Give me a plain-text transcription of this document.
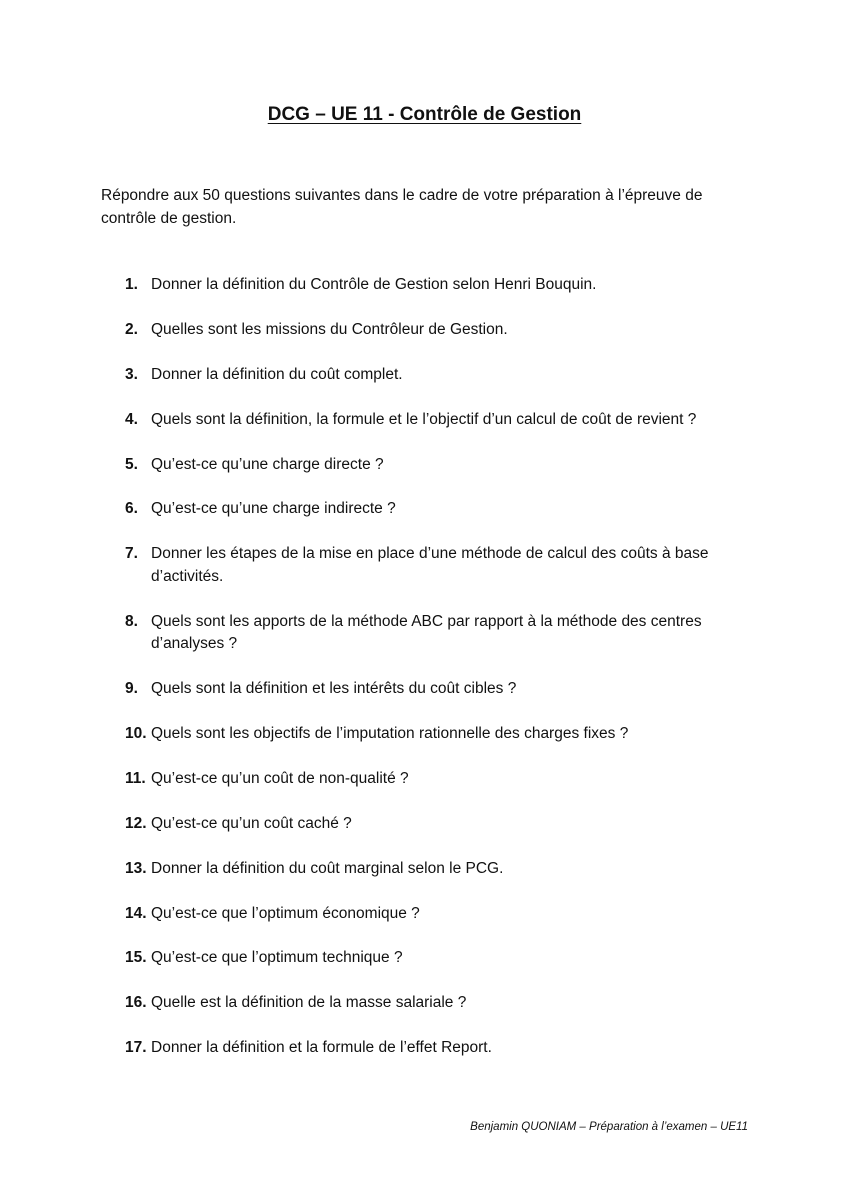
DCG – UE 11 - Contrôle de Gestion

Répondre aux 50 questions suivantes dans le cadre de votre préparation à l’épreuve de contrôle de gestion.

1. Donner la définition du Contrôle de Gestion selon Henri Bouquin.
2. Quelles sont les missions du Contrôleur de Gestion.
3. Donner la définition du coût complet.
4. Quels sont la définition, la formule et le l’objectif d’un calcul de coût de revient ?
5. Qu’est-ce qu’une charge directe ?
6. Qu’est-ce qu’une charge indirecte ?
7. Donner les étapes de la mise en place d’une méthode de calcul des coûts à base d’activités.
8. Quels sont les apports de la méthode ABC par rapport à la méthode des centres d’analyses ?
9. Quels sont la définition et les intérêts du coût cibles ?
10. Quels sont les objectifs de l’imputation rationnelle des charges fixes ?
11. Qu’est-ce qu’un coût de non-qualité ?
12. Qu’est-ce qu’un coût caché ?
13. Donner la définition du coût marginal selon le PCG.
14. Qu’est-ce que l’optimum économique ?
15. Qu’est-ce que l’optimum technique ?
16. Quelle est la définition de la masse salariale ?
17. Donner la définition et la formule de l’effet Report.

Benjamin QUONIAM – Préparation à l’examen – UE11
